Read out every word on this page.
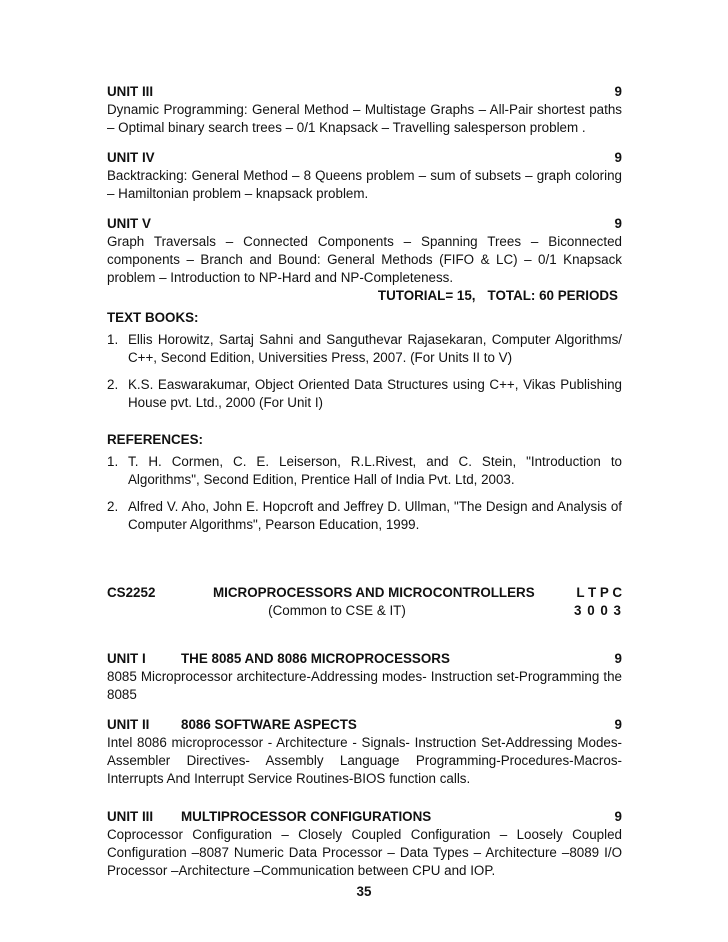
UNIT III	9
Dynamic Programming: General Method – Multistage Graphs – All-Pair shortest paths – Optimal binary search trees – 0/1 Knapsack – Travelling salesperson problem .
UNIT IV	9
Backtracking: General Method – 8 Queens problem – sum of subsets – graph coloring – Hamiltonian problem – knapsack problem.
UNIT V	9
Graph Traversals – Connected Components – Spanning Trees – Biconnected components – Branch and Bound: General Methods (FIFO & LC) – 0/1 Knapsack problem – Introduction to NP-Hard and NP-Completeness.
TUTORIAL= 15, TOTAL: 60 PERIODS
TEXT BOOKS:
1. Ellis Horowitz, Sartaj Sahni and Sanguthevar Rajasekaran, Computer Algorithms/ C++, Second Edition, Universities Press, 2007. (For Units II to V)
2. K.S. Easwarakumar, Object Oriented Data Structures using C++, Vikas Publishing House pvt. Ltd., 2000 (For Unit I)
REFERENCES:
1. T. H. Cormen, C. E. Leiserson, R.L.Rivest, and C. Stein, "Introduction to Algorithms", Second Edition, Prentice Hall of India Pvt. Ltd, 2003.
2. Alfred V. Aho, John E. Hopcroft and Jeffrey D. Ullman, "The Design and Analysis of Computer Algorithms", Pearson Education, 1999.
CS2252	MICROPROCESSORS AND MICROCONTROLLERS	L T P C
(Common to CSE & IT)	3 0 0 3
UNIT I	THE 8085 AND 8086 MICROPROCESSORS	9
8085 Microprocessor architecture-Addressing modes- Instruction set-Programming the 8085
UNIT II	8086 SOFTWARE ASPECTS	9
Intel 8086 microprocessor - Architecture - Signals- Instruction Set-Addressing Modes-Assembler Directives- Assembly Language Programming-Procedures-Macros-Interrupts And Interrupt Service Routines-BIOS function calls.
UNIT III	MULTIPROCESSOR CONFIGURATIONS	9
Coprocessor Configuration – Closely Coupled Configuration – Loosely Coupled Configuration –8087 Numeric Data Processor – Data Types – Architecture –8089 I/O Processor –Architecture –Communication between CPU and IOP.
35
